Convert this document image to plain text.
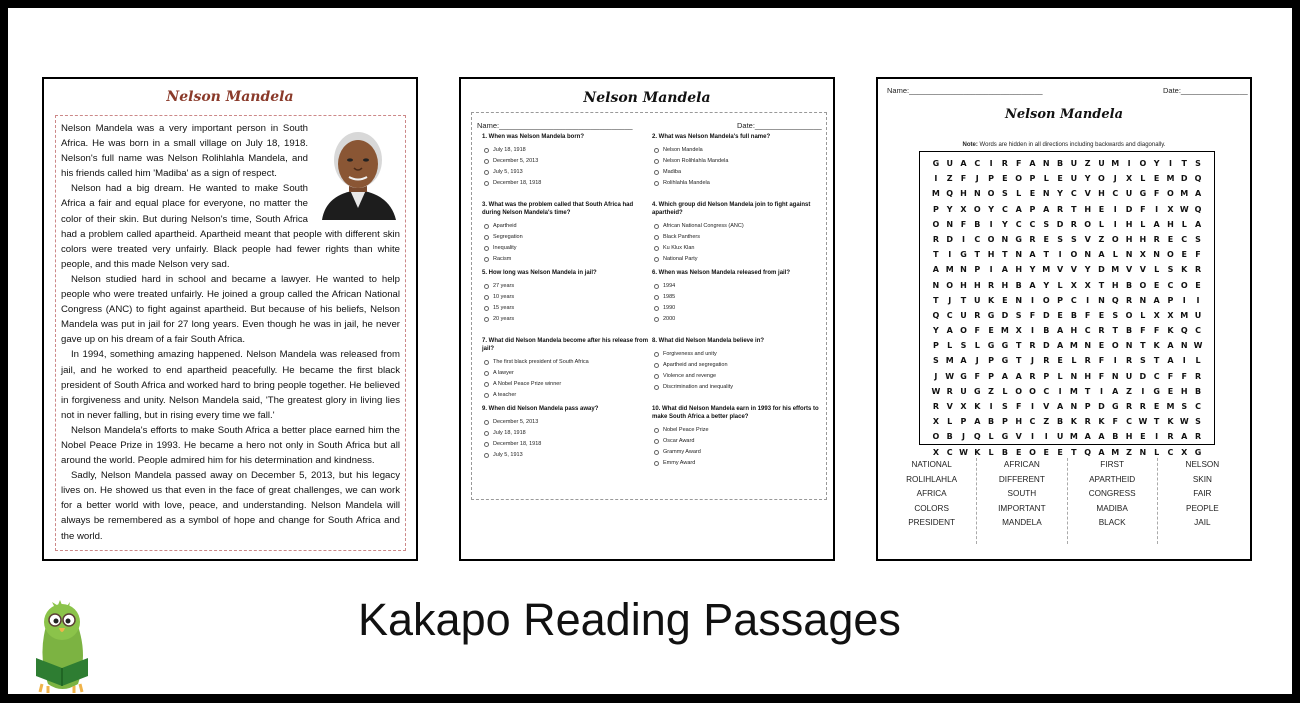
Nelson Mandela

Nelson Mandela was a very important person in South Africa. He was born in a small village on July 18, 1918. Nelson's full name was Nelson Rolihlahla Mandela, and his friends called him 'Madiba' as a sign of respect.

Nelson had a big dream. He wanted to make South Africa a fair and equal place for everyone, no matter the color of their skin. But during Nelson's time, South Africa had a problem called apartheid. Apartheid meant that people with different skin colors were treated very unfairly. Black people had fewer rights than white people, and this made Nelson very sad.

Nelson studied hard in school and became a lawyer. He wanted to help people who were treated unfairly. He joined a group called the African National Congress (ANC) to fight against apartheid. But because of his beliefs, Nelson Mandela was put in jail for 27 long years. Even though he was in jail, he never gave up on his dream of a fair South Africa.

In 1994, something amazing happened. Nelson Mandela was released from jail, and he worked to end apartheid peacefully. He became the first black president of South Africa and worked hard to bring people together. He believed in forgiveness and unity. Nelson Mandela said, 'The greatest glory in living lies not in never falling, but in rising every time we fall.'

Nelson Mandela's efforts to make South Africa a better place earned him the Nobel Peace Prize in 1993. He became a hero not only in South Africa but all around the world. People admired him for his determination and kindness.

Sadly, Nelson Mandela passed away on December 5, 2013, but his legacy lives on. He showed us that even in the face of great challenges, we can work for a better world with love, peace, and understanding. Nelson Mandela will always be remembered as a symbol of hope and change for South Africa and the world.

Nelson Mandela
Name:________________________________	Date:________________
1. When was Nelson Mandela born?
July 18, 1918
December 5, 2013
July 5, 1913
December 18, 1918
3. What was the problem called that South Africa had during Nelson Mandela's time?
Apartheid
Segregation
Inequality
Racism
5. How long was Nelson Mandela in jail?
27 years
10 years
15 years
20 years
7. What did Nelson Mandela become after his release from jail?
The first black president of South Africa
A lawyer
A Nobel Peace Prize winner
A teacher
9. When did Nelson Mandela pass away?
December 5, 2013
July 18, 1918
December 18, 1918
July 5, 1913
2. What was Nelson Mandela's full name?
Nelson Mandela
Nelson Rolihlahla Mandela
Madiba
Rolihlahla Mandela
4. Which group did Nelson Mandela join to fight against apartheid?
African National Congress (ANC)
Black Panthers
Ku Klux Klan
National Party
6. When was Nelson Mandela released from jail?
1994
1985
1990
2000
8. What did Nelson Mandela believe in?
Forgiveness and unity
Apartheid and segregation
Violence and revenge
Discrimination and inequality
10. What did Nelson Mandela earn in 1993 for his efforts to make South Africa a better place?
Nobel Peace Prize
Oscar Award
Grammy Award
Emmy Award
Name:________________________________	Date:________________
Nelson Mandela
Note: Words are hidden in all directions including backwards and diagonally.
G U A C	I	R F A N B U Z U M	I	O Y	I	T	S
I	Z	F	J	P	E O P	L	E U Y O	J	X	L	E M D Q
M Q H N O S	L	E N Y C V H C U G F O M A
P Y X O Y C A P A R T H E	I	D F	I	X W Q
O N F	B	I	Y C C S D R O L	I	H L	A H L	A
R D	I	C O N G R E	S	S V Z O H H R E	C S
T	I	G T H T N A T	I	O N A	L N X N O E	F
A M N P	I	A H Y M V V Y D M V V	L	S K R
N O H H R H B A Y	L	X X T H B O E	C O E
T	J	T U K E N	I	O P C	I	N Q R N A P	I	I
Q C U R G D S	F D E	B	F	E	S O L	X X M U
Y A O F	E M X	I	B A H C R T	B	F	F K Q C
P	L	S	L G G T R D A M N E O N T K A N W
S M A	J	P G T	J	R E	L	R F	I	R S	T A	I	L
J W G F	P A A R P	L N H F N U D C	F	F R
W R U G Z	L O O C	I	M T	I	A Z	I	G E H B
R V X K	I	S	F	I	V A N P D G R R E M S C
X	L	P A B P H C Z B K R K F	C W T K W S
O B	J	Q L G V	I	I	U M A A B H E	I	R A R
X C W K	L	B	E O E	E	T Q A M Z N L	C X G
NATIONAL
ROLIHLAHLA
AFRICA
COLORS
PRESIDENT
AFRICAN
DIFFERENT
SOUTH
IMPORTANT
MANDELA
FIRST
APARTHEID
CONGRESS
MADIBA
BLACK
NELSON
SKIN
FAIR
PEOPLE
JAIL
Kakapo Reading Passages
